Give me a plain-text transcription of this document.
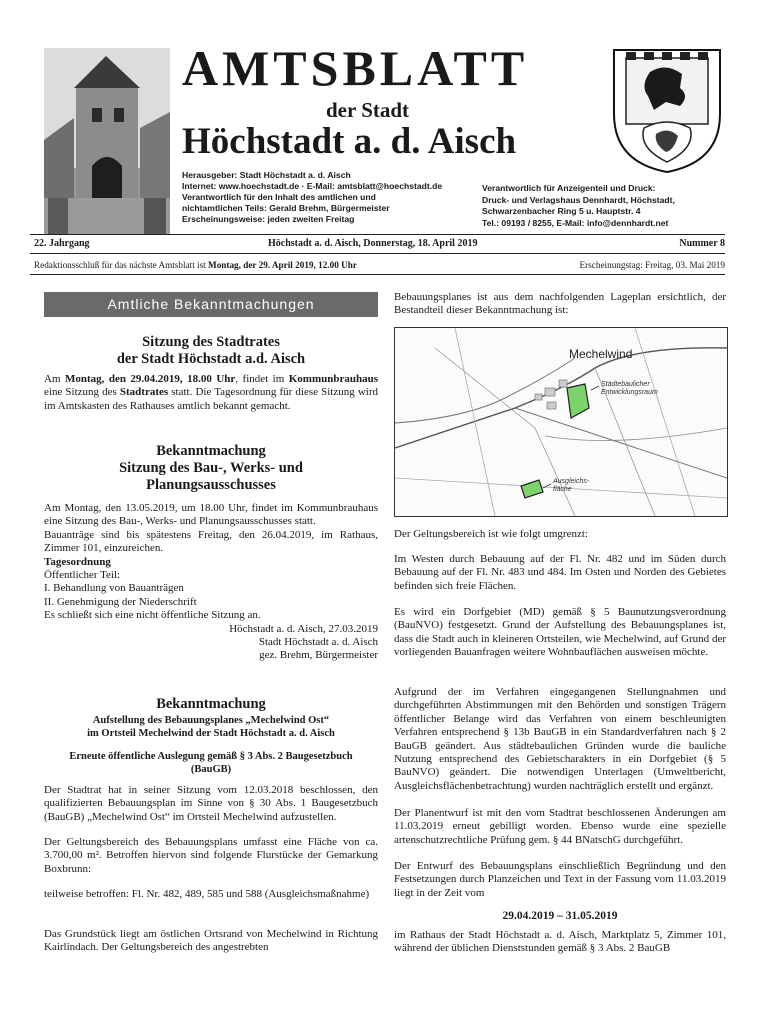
AMTSBLATT
der Stadt
Höchstadt a. d. Aisch
Herausgeber: Stadt Höchstadt a. d. Aisch
Internet: www.hoechstadt.de · E-Mail: amtsblatt@hoechstadt.de
Verantwortlich für den Inhalt des amtlichen und
nichtamtlichen Teils: Gerald Brehm, Bürgermeister
Erscheinungsweise: jeden zweiten Freitag
Verantwortlich für Anzeigenteil und Druck:
Druck- und Verlagshaus Dennhardt, Höchstadt,
Schwarzenbacher Ring 5 u. Hauptstr. 4
Tel.: 09193 / 8255, E-Mail: info@dennhardt.net
22. Jahrgang	Höchstadt a. d. Aisch, Donnerstag, 18. April 2019	Nummer 8
Redaktionsschluß für das nächste Amtsblatt ist Montag, der 29. April 2019, 12.00 Uhr	Erscheinungstag: Freitag, 03. Mai 2019
Amtliche Bekanntmachungen
Sitzung des Stadtrates
der Stadt Höchstadt a.d. Aisch
Am Montag, den 29.04.2019, 18.00 Uhr, findet im Kommunbrauhaus eine Sitzung des Stadtrates statt. Die Tagesordnung für diese Sitzung wird im Amtskasten des Rathauses amtlich bekannt gemacht.
Bekanntmachung
Sitzung des Bau-, Werks- und
Planungsausschusses
Am Montag, den 13.05.2019, um 18.00 Uhr, findet im Kommunbrauhaus eine Sitzung des Bau-, Werks- und Planungsausschusses statt.
Bauanträge sind bis spätestens Freitag, den 26.04.2019, im Rathaus, Zimmer 101, einzureichen.
Tagesordnung
Öffentlicher Teil:
I. Behandlung von Bauanträgen
II. Genehmigung der Niederschrift
Es schließt sich eine nicht öffentliche Sitzung an.
Höchstadt a. d. Aisch, 27.03.2019
Stadt Höchstadt a. d. Aisch
gez. Brehm, Bürgermeister
Bekanntmachung
Aufstellung des Bebauungsplanes „Mechelwind Ost“
im Ortsteil Mechelwind der Stadt Höchstadt a. d. Aisch
Erneute öffentliche Auslegung gemäß § 3 Abs. 2 Baugesetzbuch
(BauGB)
Der Stadtrat hat in seiner Sitzung vom 12.03.2018 beschlossen, den qualifizierten Bebauungsplan im Sinne von § 30 Abs. 1 Baugesetzbuch (BauGB) „Mechelwind Ost“ im Ortsteil Mechelwind aufzustellen.
Der Geltungsbereich des Bebauungsplans umfasst eine Fläche von ca. 3.700,00 m². Betroffen hiervon sind folgende Flurstücke der Gemarkung Boxbrunn:
teilweise betroffen: Fl. Nr. 482, 489, 585 und 588 (Ausgleichsmaßnahme)
Das Grundstück liegt am östlichen Ortsrand von Mechelwind in Richtung Kairlindach. Der Geltungsbereich des angestrebten
Bebauungsplanes ist aus dem nachfolgenden Lageplan ersichtlich, der Bestandteil dieser Bekanntmachung ist:
Mechelwind
Städtebaulicher
Entwicklungsraum
Ausgleichs-
fläche
Der Geltungsbereich ist wie folgt umgrenzt:
Im Westen durch Bebauung auf der Fl. Nr. 482 und im Süden durch Bebauung auf der Fl. Nr. 483 und 484. Im Osten und Norden des Gebietes befinden sich freie Flächen.
Es wird ein Dorfgebiet (MD) gemäß § 5 Baunutzungsverordnung (BauNVO) festgesetzt. Grund der Aufstellung des Bebauungsplanes ist, dass die Stadt auch in kleineren Ortsteilen, wie Mechelwind, auf Grund der vorliegenden Bauanfragen weitere Wohnbauflächen ausweisen möchte.
Aufgrund der im Verfahren eingegangenen Stellungnahmen und durchgeführten Abstimmungen mit den Behörden und sonstigen Trägern öffentlicher Belange wird das Verfahren von einem beschleunigten Verfahren entsprechend § 13b BauGB in ein Standardverfahren nach § 2 BauGB geändert. Aus städtebaulichen Gründen wurde die bauliche Nutzung entsprechend des Gebietscharakters in ein Dorfgebiet (§ 5 BauNVO) geändert. Die notwendigen Unterlagen (Umweltbericht, Ausgleichsflächenbetrachtung) wurden nachträglich erstellt und ergänzt.
Der Planentwurf ist mit den vom Stadtrat beschlossenen Änderungen am 11.03.2019 erneut gebilligt worden. Ebenso wurde eine spezielle artenschutzrechtliche Prüfung gem. § 44 BNatschG durchgeführt.
Der Entwurf des Bebauungsplans einschließlich Begründung und den Festsetzungen durch Planzeichen und Text in der Fassung vom 11.03.2019 liegt in der Zeit vom
29.04.2019 – 31.05.2019
im Rathaus der Stadt Höchstadt a. d. Aisch, Marktplatz 5, Zimmer 101, während der üblichen Dienststunden gemäß § 3 Abs. 2 BauGB
